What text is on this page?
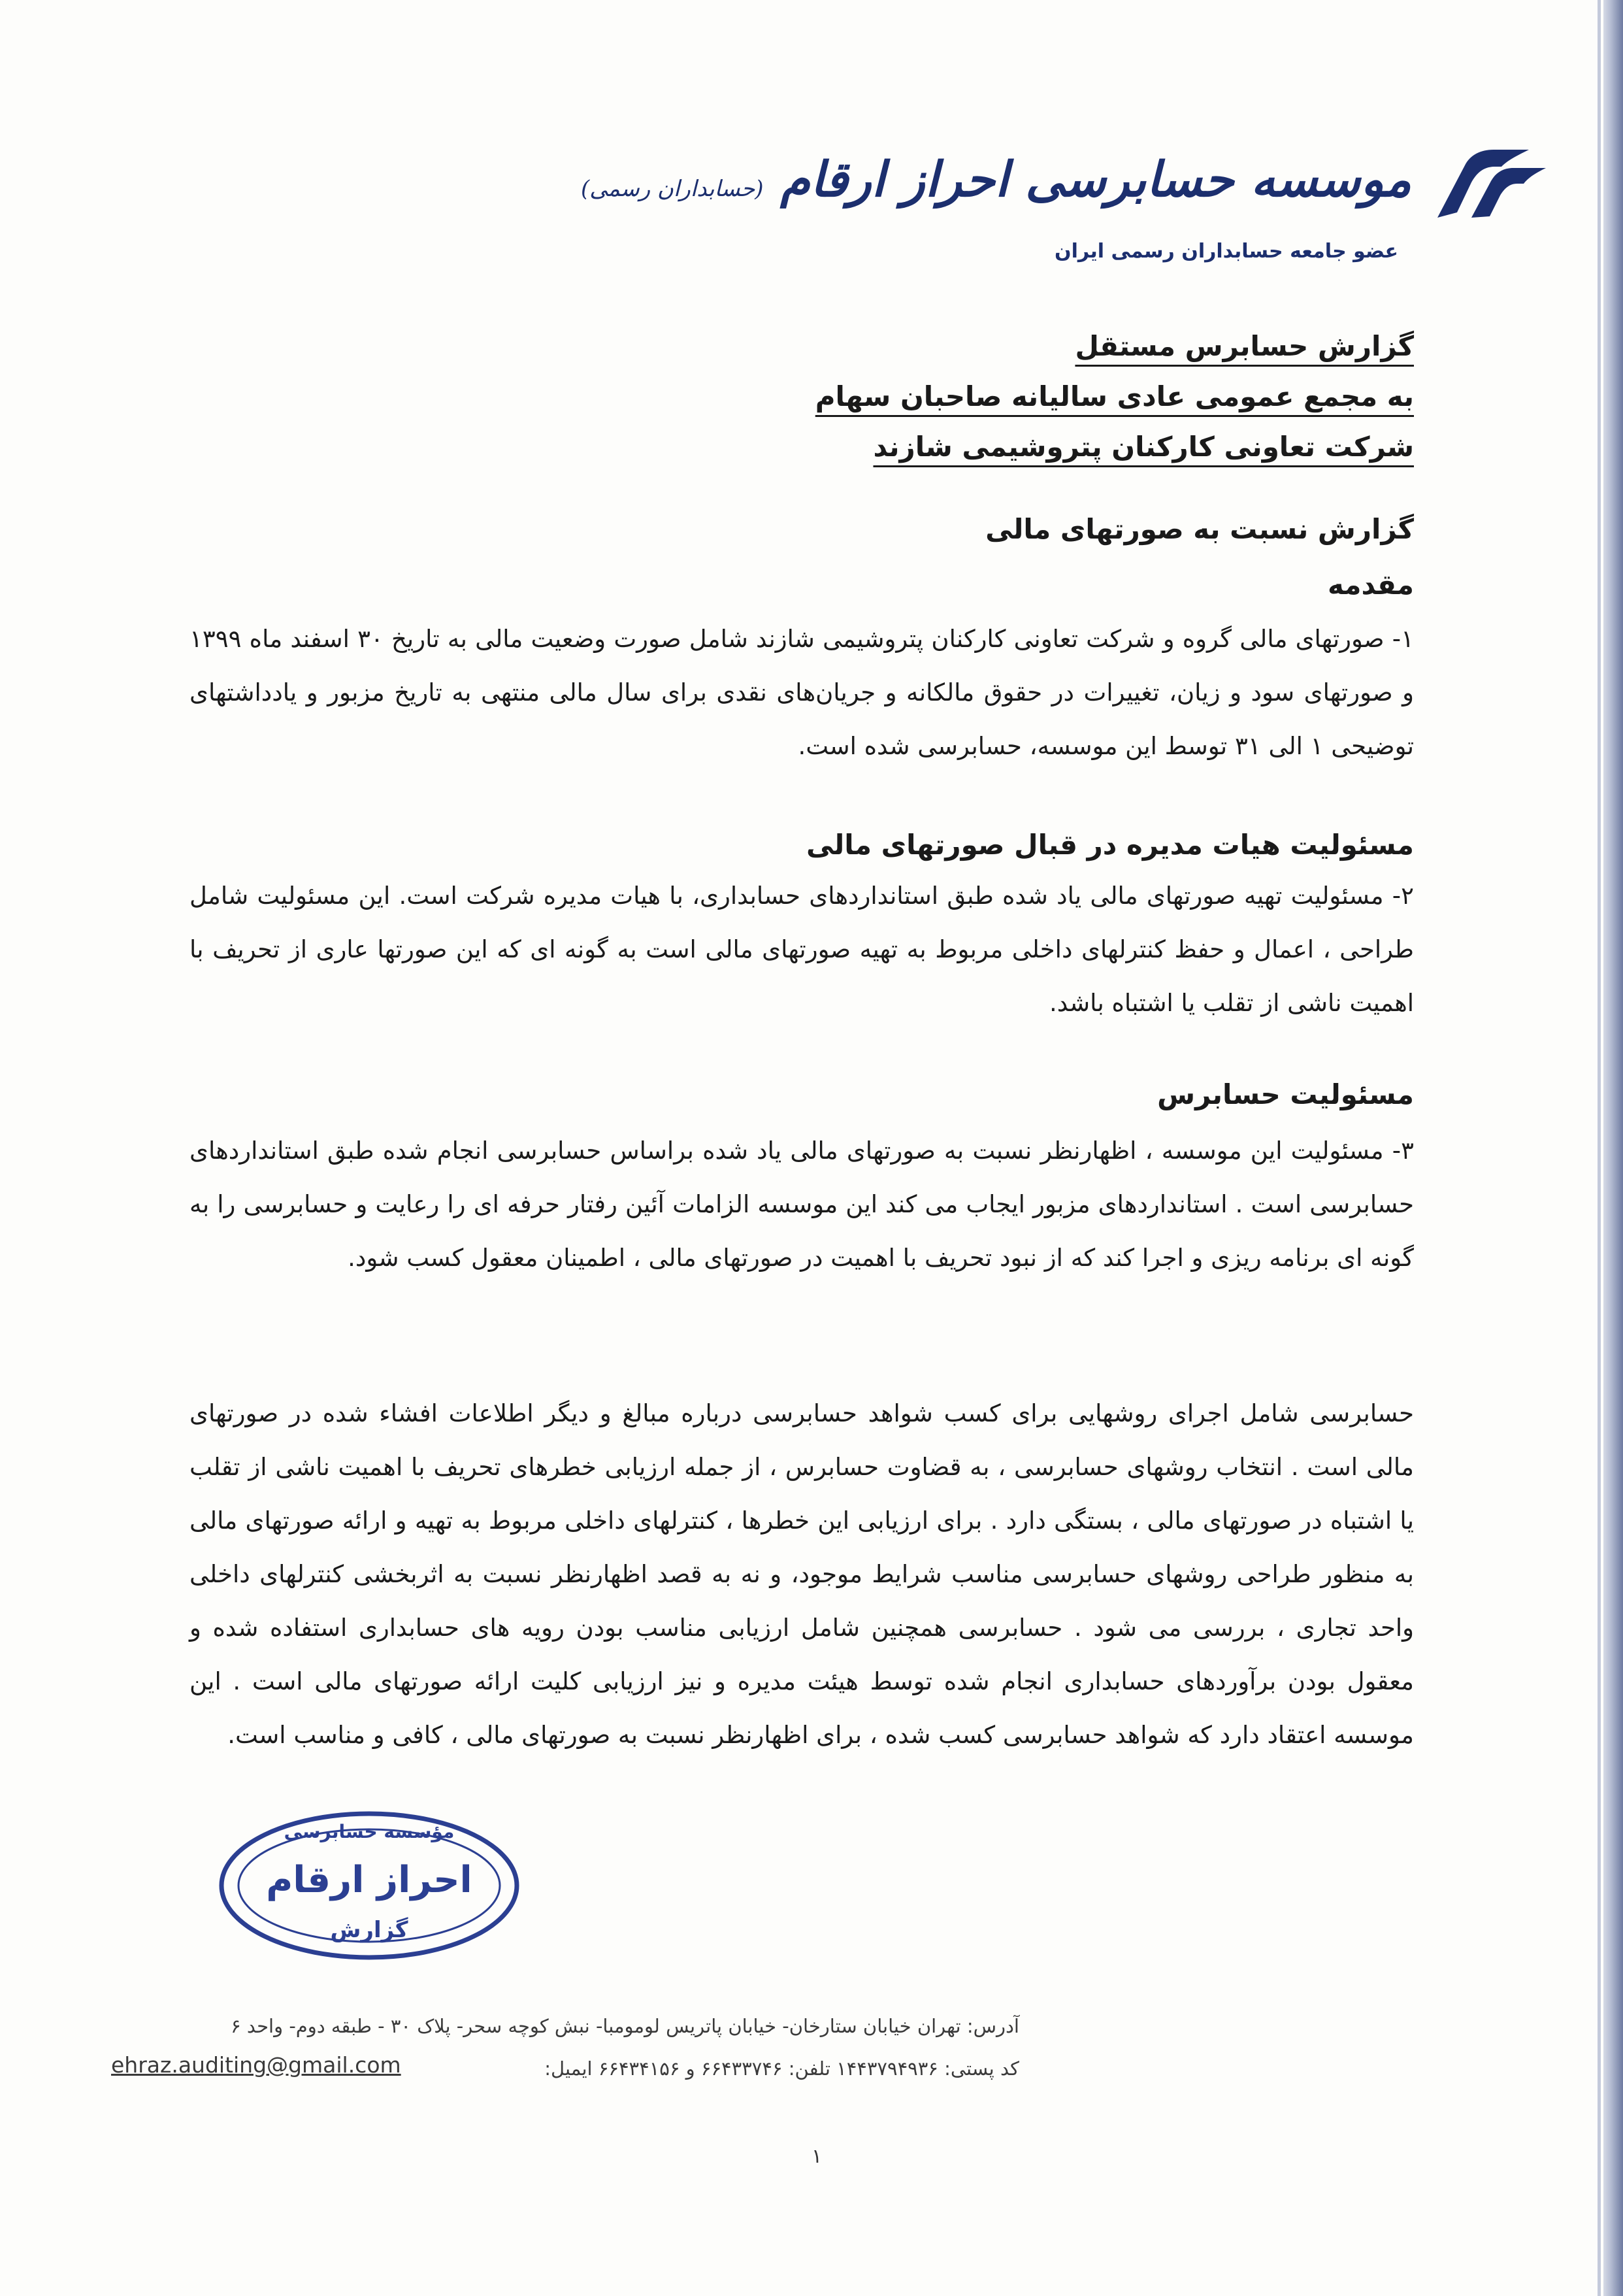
موسسه حسابرسی احراز ارقام (حسابداران رسمی)
عضو جامعه حسابداران رسمی ایران
گزارش حسابرس مستقل
به مجمع عمومی عادی سالیانه صاحبان سهام
شرکت تعاونی کارکنان پتروشیمی شازند
گزارش نسبت به صورتهای مالی
مقدمه

۱- صورتهای مالی گروه و شرکت تعاونی کارکنان پتروشیمی شازند شامل صورت وضعیت مالی به تاریخ ۳۰ اسفند ماه ۱۳۹۹ و صورتهای سود و زیان، تغییرات در حقوق مالکانه و جریان‌های نقدی برای سال مالی منتهی به تاریخ مزبور و یادداشتهای توضیحی ۱ الی ۳۱ توسط این موسسه، حسابرسی شده است.

مسئولیت هیات مدیره در قبال صورتهای مالی

۲- مسئولیت تهیه صورتهای مالی یاد شده طبق استانداردهای حسابداری، با هیات مدیره شرکت است. این مسئولیت شامل طراحی ، اعمال و حفظ کنترلهای داخلی مربوط به تهیه صورتهای مالی است به گونه ای که این صورتها عاری از تحریف با اهمیت ناشی از تقلب یا اشتباه باشد.

مسئولیت حسابرس

۳- مسئولیت این موسسه ، اظهارنظر نسبت به صورتهای مالی یاد شده براساس حسابرسی انجام شده طبق استانداردهای حسابرسی است . استانداردهای مزبور ایجاب می کند این موسسه الزامات آئین رفتار حرفه ای را رعایت و حسابرسی را به گونه ای برنامه ریزی و اجرا کند که از نبود تحریف با اهمیت در صورتهای مالی ، اطمینان معقول کسب شود.

حسابرسی شامل اجرای روشهایی برای کسب شواهد حسابرسی درباره مبالغ و دیگر اطلاعات افشاء شده در صورتهای مالی است . انتخاب روشهای حسابرسی ، به قضاوت حسابرس ، از جمله ارزیابی خطرهای تحریف با اهمیت ناشی از تقلب یا اشتباه در صورتهای مالی ، بستگی دارد . برای ارزیابی این خطرها ، کنترلهای داخلی مربوط به تهیه و ارائه صورتهای مالی به منظور طراحی روشهای حسابرسی مناسب شرایط موجود، و نه به قصد اظهارنظر نسبت به اثربخشی کنترلهای داخلی واحد تجاری ، بررسی می شود . حسابرسی همچنین شامل ارزیابی مناسب بودن رویه های حسابداری استفاده شده و معقول بودن برآوردهای حسابداری انجام شده توسط هیئت مدیره و نیز ارزیابی کلیت ارائه صورتهای مالی است . این موسسه اعتقاد دارد که شواهد حسابرسی کسب شده ، برای اظهارنظر نسبت به صورتهای مالی ، کافی و مناسب است.

مؤسسه حسابرسی
احراز ارقام
گزارش
آدرس: تهران خیابان ستارخان- خیابان پاتریس لومومبا- نبش کوچه سحر- پلاک ۳۰ - طبقه دوم- واحد ۶
کد پستی: ۱۴۴۳۷۹۴۹۳۶ تلفن: ۶۶۴۳۳۷۴۶ و ۶۶۴۳۴۱۵۶ ایمیل:
ehraz.auditing@gmail.com
۱
